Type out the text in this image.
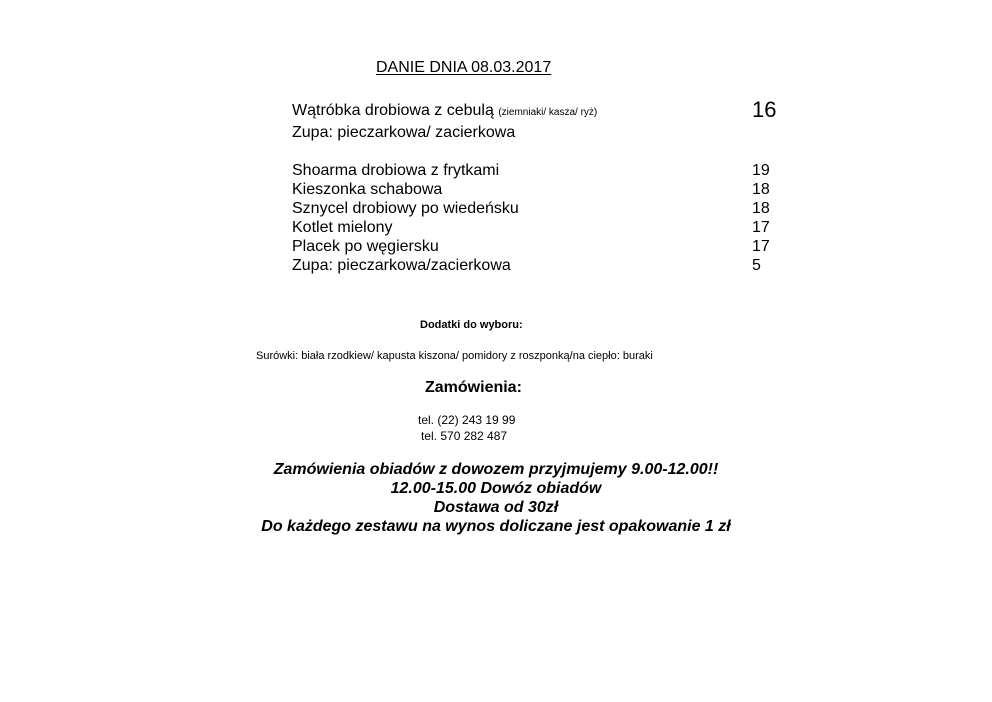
DANIE DNIA 08.03.2017
Wątróbka drobiowa z cebulą (ziemniaki/ kasza/ ryż)	16
Zupa: pieczarkowa/ zacierkowa
Shoarma drobiowa z frytkami	19
Kieszonka schabowa	18
Sznycel drobiowy po wiedeńsku	18
Kotlet mielony	17
Placek po węgiersku	17
Zupa: pieczarkowa/zacierkowa	5
Dodatki do wyboru:
Surówki: biała rzodkiew/ kapusta kiszona/ pomidory z roszponką/na ciepło: buraki
Zamówienia:
tel. (22) 243 19 99
tel. 570 282 487
Zamówienia obiadów z dowozem przyjmujemy 9.00-12.00!!
12.00-15.00 Dowóz obiadów
Dostawa od 30zł
Do każdego zestawu na wynos doliczane jest opakowanie 1 zł
